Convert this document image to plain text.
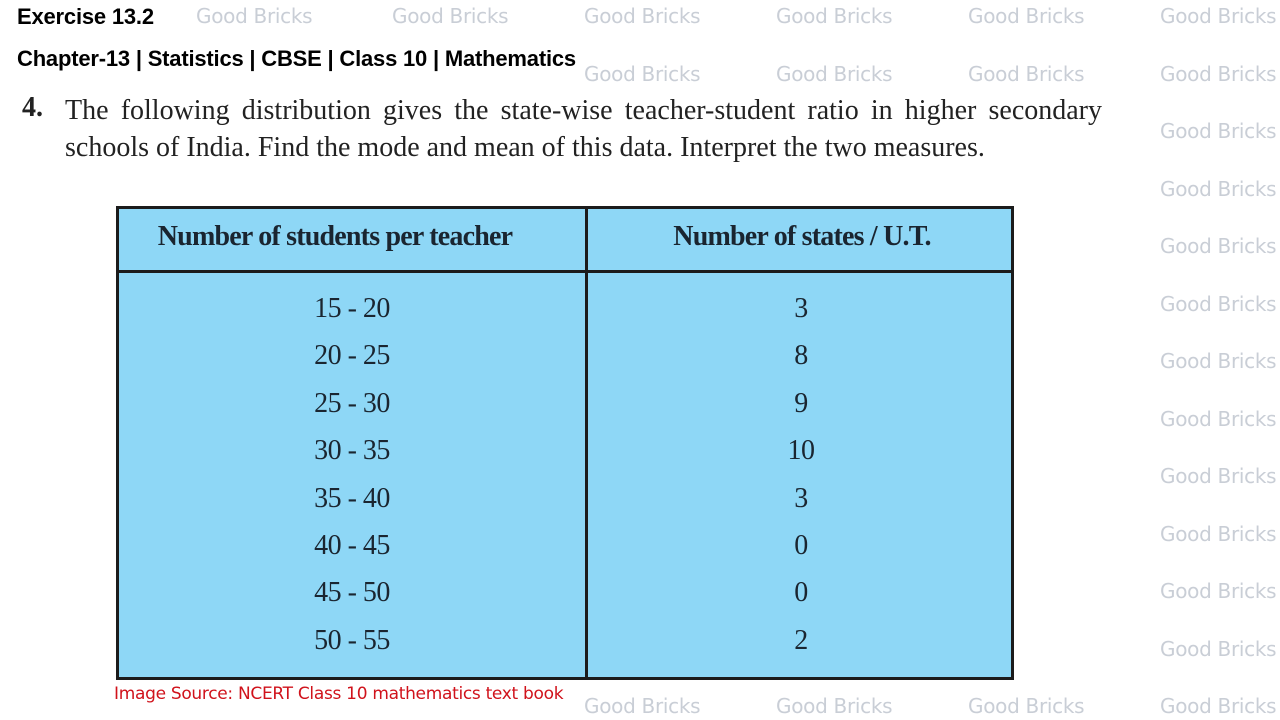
Good Bricks	Good Bricks	Good Bricks	Good Bricks	Good Bricks	Good Bricks
Good Bricks	Good Bricks	Good Bricks	Good Bricks
Good Bricks
Good Bricks
Good Bricks
Good Bricks
Good Bricks
Good Bricks
Good Bricks
Good Bricks
Good Bricks
Good Bricks
Good Bricks	Good Bricks	Good Bricks	Good Bricks
Exercise 13.2
Chapter-13 | Statistics | CBSE | Class 10 | Mathematics
4. The following distribution gives the state-wise teacher-student ratio in higher secondary schools of India. Find the mode and mean of this data. Interpret the two measures.
Number of students per teacher	Number of states / U.T.
15 - 20	3
20 - 25	8
25 - 30	9
30 - 35	10
35 - 40	3
40 - 45	0
45 - 50	0
50 - 55	2
Image Source: NCERT Class 10 mathematics text book
